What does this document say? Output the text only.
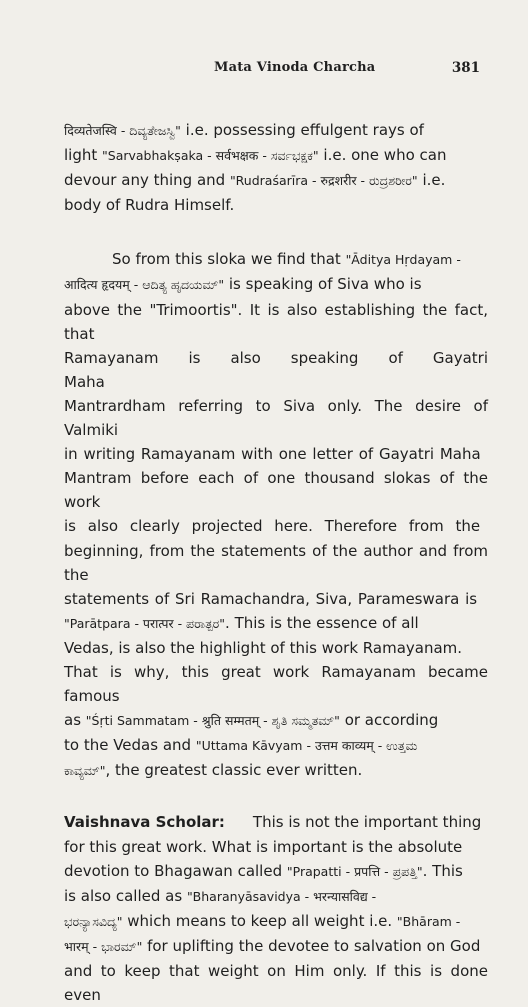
Mata Vinoda Charcha	381

दिव्यतेजस्वि - ದಿವ್ಯತೇಜಸ್ವಿ" i.e. possessing effulgent rays of
light "Sarvabhakṣaka - सर्वभक्षक - ಸರ್ವಭಕ್ಷಕ" i.e. one who can
devour any thing and "Rudraśarīra - रुद्रशरीर - ರುದ್ರಶರೀರ" i.e.
body of Rudra Himself.

So from this sloka we find that "Āditya Hṛdayam -
आदित्य हृदयम् - ಆದಿತ್ಯ ಹೃದಯಮ್" is speaking of Siva who is
above the "Trimoortis". It is also establishing the fact, that
Ramayanam is also speaking of Gayatri Maha
Mantrardham referring to Siva only. The desire of Valmiki
in writing Ramayanam with one letter of Gayatri Maha
Mantram before each of one thousand slokas of the work
is also clearly projected here. Therefore from the
beginning, from the statements of the author and from the
statements of Sri Ramachandra, Siva, Parameswara is
"Parātpara - परात्पर - ಪರಾತ್ಪರ". This is the essence of all
Vedas, is also the highlight of this work Ramayanam.
That is why, this great work Ramayanam became famous
as "Śṛti Sammatam - श्रुति सम्मतम् - ಶೃತಿ ಸಮ್ಮತಮ್" or according
to the Vedas and "Uttama Kāvyam - उत्तम काव्यम् - ಉತ್ತಮ
ಕಾವ್ಯಮ್", the greatest classic ever written.

Vaishnava Scholar: This is not the important thing
for this great work. What is important is the absolute
devotion to Bhagawan called "Prapatti - प्रपत्ति - ಪ್ರಪತ್ತಿ". This
is also called as "Bharanyāsavidya - भरन्यासविद्य -
ಭರನ್ಯಾಸವಿದ್ಯ" which means to keep all weight i.e. "Bhāram -
भारम् - ಭಾರಮ್" for uplifting the devotee to salvation on God
and to keep that weight on Him only. If this is done even
